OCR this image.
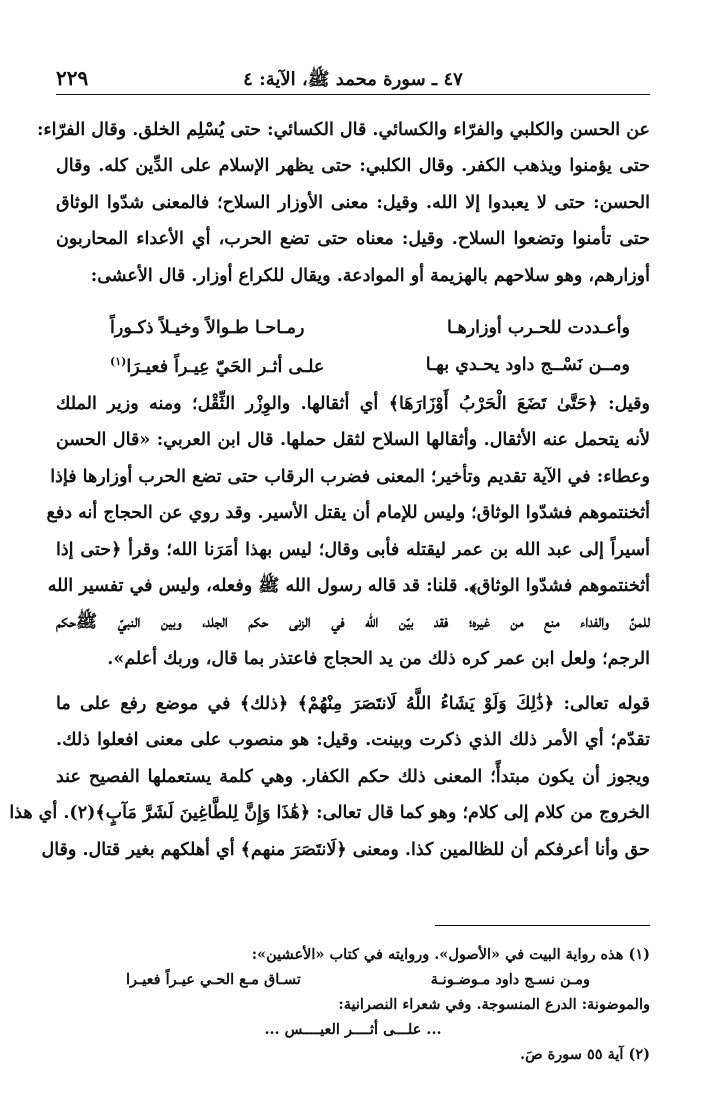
٢٢٩	٤٧ ـ سورة محمد ﷺ، الآية: ٤
عن الحسن والكلبي والفرّاء والكسائي. قال الكسائي: حتى يُسْلِم الخلق. وقال الفرّاء:
حتى يؤمنوا ويذهب الكفر. وقال الكلبي: حتى يظهر الإسلام على الدِّين كله. وقال
الحسن: حتى لا يعبدوا إلا الله. وقيل: معنى الأوزار السلاح؛ فالمعنى شدّوا الوثاق
حتى تأمنوا وتضعوا السلاح. وقيل: معناه حتى تضع الحرب، أي الأعداء المحاربون
أوزارهم، وهو سلاحهم بالهزيمة أو الموادعة. ويقال للكراع أوزار. قال الأعشى:
وأعـددت للحـرب أوزارهـا
رمـاحـا طـوالاً وخيـلاً ذكـوراً
ومــن نَسْــج داود يحـدي بهـا
علـى أثـر الحَيّ عِيـراً فعيـرَا$^{(١)}$
وقيل: ﴿حَتَّىٰ تَضَعَ الْحَرْبُ أَوْزَارَهَا﴾ أي أثقالها. والوِزْر الثِّقْل؛ ومنه وزير الملك
لأنه يتحمل عنه الأثقال. وأثقالها السلاح لثقل حملها. قال ابن العربي: «قال الحسن
وعطاء: في الآية تقديم وتأخير؛ المعنى فضرب الرقاب حتى تضع الحرب أوزارها فإذا
أثخنتموهم فشدّوا الوثاق؛ وليس للإمام أن يقتل الأسير. وقد روي عن الحجاج أنه دفع
أسيراً إلى عبد الله بن عمر ليقتله فأبى وقال؛ ليس بهذا أمَرَنا الله؛ وقرأ ﴿حتى إذا
أثخنتموهم فشدّوا الوثاق﴾. قلنا: قد قاله رسول الله ﷺ وفعله، وليس في تفسير الله
للمنّ والفداء منع من غيره؛ فقد بيّن الله في الزنى حكم الجلد، وبين النبيّ ﷺحكم
الرجم؛ ولعل ابن عمر كره ذلك من يد الحجاج فاعتذر بما قال، وربك أعلم».
قوله تعالى: ﴿ذَٰلِكَ وَلَوْ يَشَاءُ اللَّهُ لَانتَصَرَ مِنْهُمْ﴾ ﴿ذلك﴾ في موضع رفع على ما
تقدّم؛ أي الأمر ذلك الذي ذكرت وبينت. وقيل: هو منصوب على معنى افعلوا ذلك.
ويجوز أن يكون مبتدأً؛ المعنى ذلك حكم الكفار. وهي كلمة يستعملها الفصيح عند
الخروج من كلام إلى كلام؛ وهو كما قال تعالى: ﴿هَٰذَا وَإِنَّ لِلطَّاغِينَ لَشَرَّ مَآبٍ﴾(٢). أي هذا
حق وأنا أعرفكم أن للظالمين كذا. ومعنى ﴿لَانتَصَرَ منهم﴾ أي أهلكهم بغير قتال. وقال
(١) هذه رواية البيت في «الأصول». وروايته في كتاب «الأعشين»:
ومـن نسـج داود مـوضـونـة
تسـاق مـع الحـي عيـراً فعيـرا
والموضونة: الدرع المنسوجة. وفي شعراء النصرانية:
... علـــى أثــــر العيــــس ...
(٢) آية ٥٥ سورة صَ.
